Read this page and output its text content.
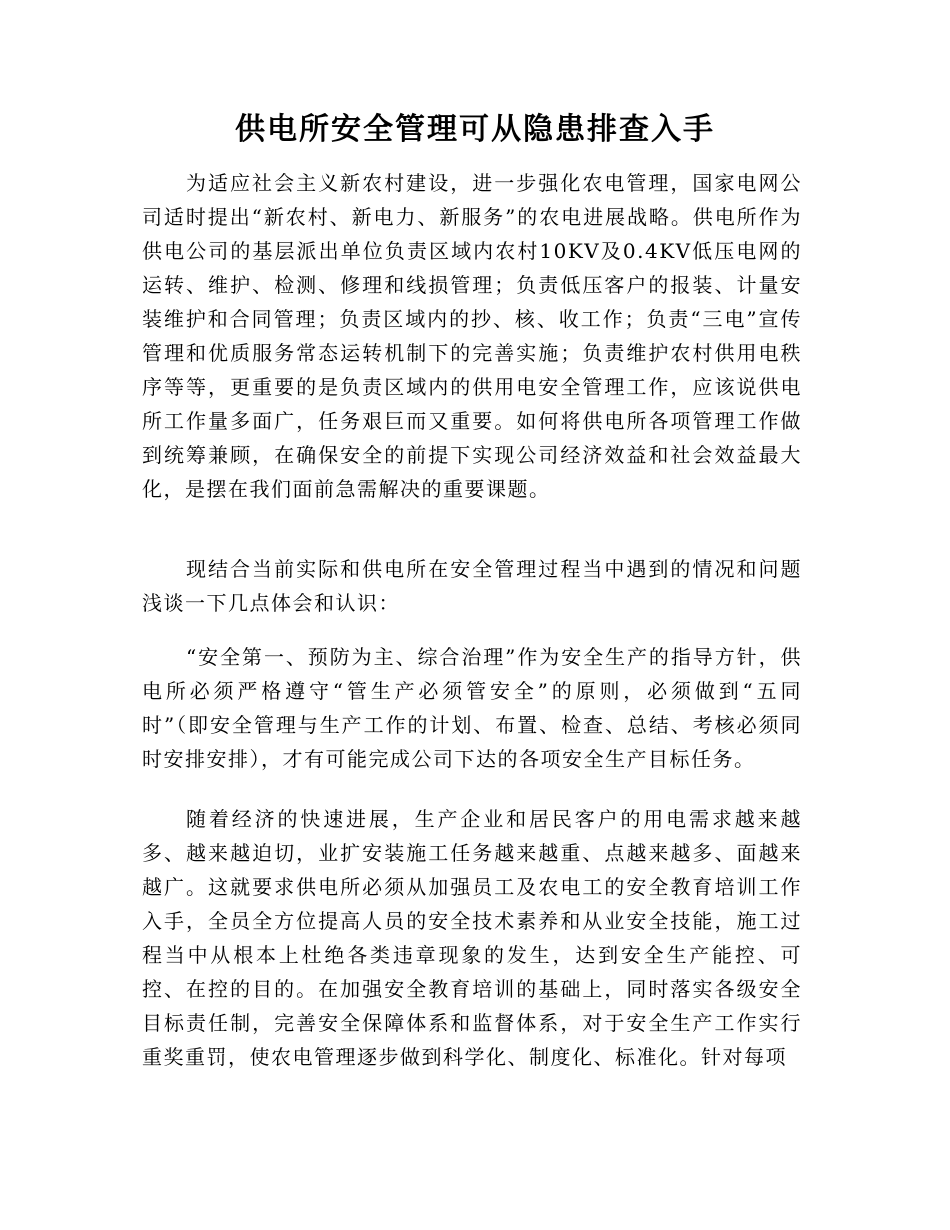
供电所安全管理可从隐患排查入手

为适应社会主义新农村建设，进一步强化农电管理，国家电网公司适时提出“新农村、新电力、新服务”的农电进展战略。供电所作为供电公司的基层派出单位负责区域内农村10KV及0.4KV低压电网的运转、维护、检测、修理和线损管理；负责低压客户的报装、计量安装维护和合同管理；负责区域内的抄、核、收工作；负责“三电”宣传管理和优质服务常态运转机制下的完善实施；负责维护农村供用电秩序等等，更重要的是负责区域内的供用电安全管理工作，应该说供电所工作量多面广，任务艰巨而又重要。如何将供电所各项管理工作做到统筹兼顾，在确保安全的前提下实现公司经济效益和社会效益最大化，是摆在我们面前急需解决的重要课题。

现结合当前实际和供电所在安全管理过程当中遇到的情况和问题浅谈一下几点体会和认识：

“安全第一、预防为主、综合治理”作为安全生产的指导方针，供电所必须严格遵守“管生产必须管安全”的原则，必须做到“五同时”（即安全管理与生产工作的计划、布置、检查、总结、考核必须同时安排安排），才有可能完成公司下达的各项安全生产目标任务。

随着经济的快速进展，生产企业和居民客户的用电需求越来越多、越来越迫切，业扩安装施工任务越来越重、点越来越多、面越来越广。这就要求供电所必须从加强员工及农电工的安全教育培训工作入手，全员全方位提高人员的安全技术素养和从业安全技能，施工过程当中从根本上杜绝各类违章现象的发生，达到安全生产能控、可控、在控的目的。在加强安全教育培训的基础上，同时落实各级安全目标责任制，完善安全保障体系和监督体系，对于安全生产工作实行重奖重罚，使农电管理逐步做到科学化、制度化、标准化。针对每项
